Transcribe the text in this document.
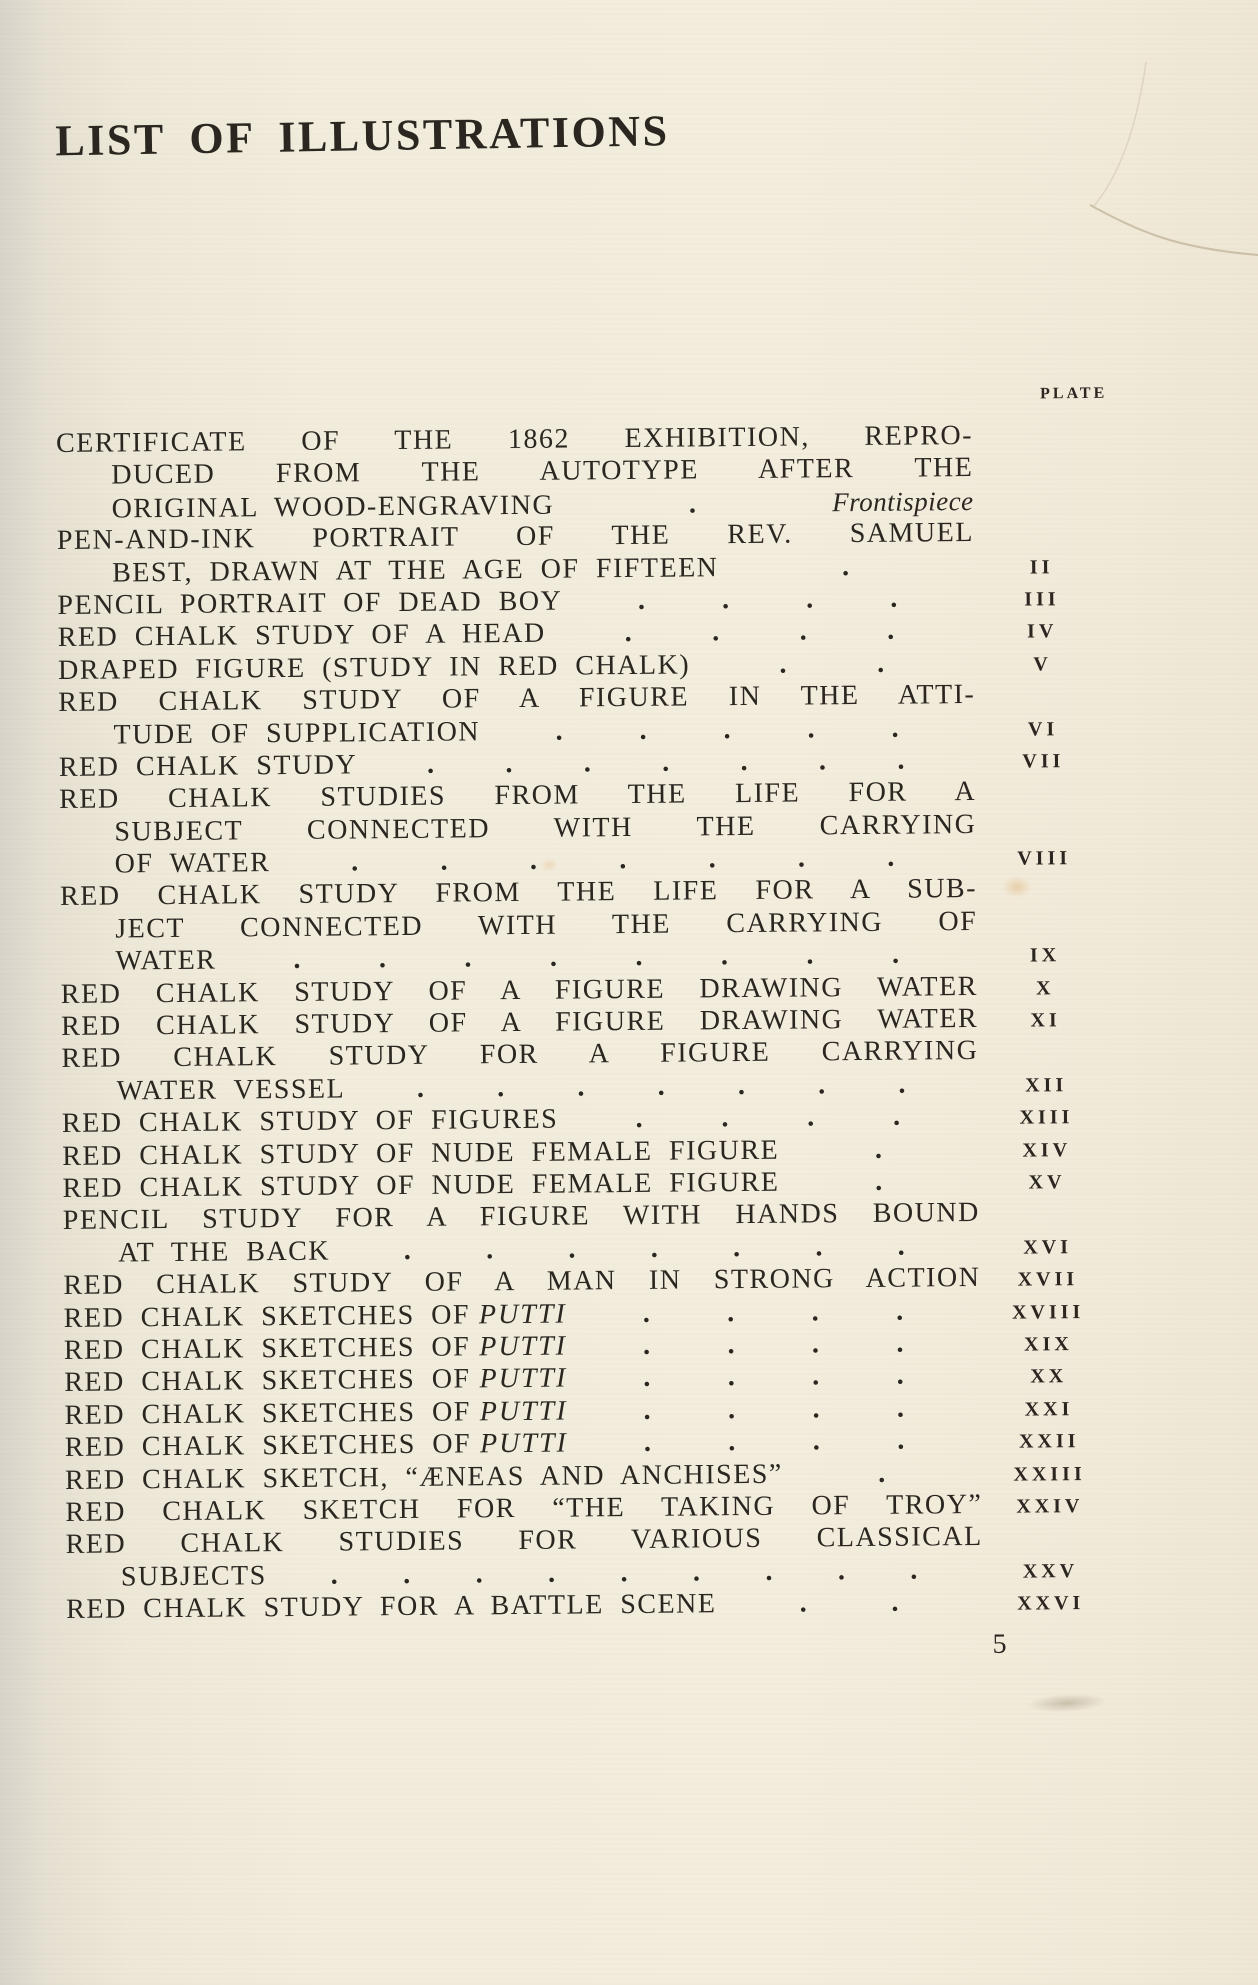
LIST OF ILLUSTRATIONS
PLATE
CERTIFICATE OF THE 1862 EXHIBITION, REPRO-
DUCED FROM THE AUTOTYPE AFTER THE
ORIGINAL WOOD-ENGRAVING	.	Frontispiece
PEN-AND-INK PORTRAIT OF THE REV. SAMUEL
BEST, DRAWN AT THE AGE OF FIFTEEN	.	II
PENCIL PORTRAIT OF DEAD BOY	.	.	.	.	III
RED CHALK STUDY OF A HEAD	.	.	.	.	IV
DRAPED FIGURE (STUDY IN RED CHALK)	.	.	V
RED CHALK STUDY OF A FIGURE IN THE ATTI-
TUDE OF SUPPLICATION	.	.	.	.	.	VI
RED CHALK STUDY . . . . . . .	VII
RED CHALK STUDIES FROM THE LIFE FOR A
SUBJECT CONNECTED WITH THE CARRYING
OF WATER	.	.	.	.	.	.	.	VIII
RED CHALK STUDY FROM THE LIFE FOR A SUB-
JECT CONNECTED WITH THE CARRYING OF
WATER	.	.	.	.	.	.	.	.	IX
RED CHALK STUDY OF A FIGURE DRAWING WATER	X
RED CHALK STUDY OF A FIGURE DRAWING WATER	XI
RED CHALK STUDY FOR A FIGURE CARRYING
WATER VESSEL	.	.	.	.	.	.	.	XII
RED CHALK STUDY OF FIGURES	.	.	.	.	XIII
RED CHALK STUDY OF NUDE FEMALE FIGURE	.	XIV
RED CHALK STUDY OF NUDE FEMALE FIGURE	.	XV
PENCIL STUDY FOR A FIGURE WITH HANDS BOUND
AT THE BACK	.	.	.	.	.	.	.	XVI
RED CHALK STUDY OF A MAN IN STRONG ACTION	XVII
RED CHALK SKETCHES OF PUTTI	.	.	.	.	XVIII
RED CHALK SKETCHES OF PUTTI	.	.	.	.	XIX
RED CHALK SKETCHES OF PUTTI	.	.	.	.	XX
RED CHALK SKETCHES OF PUTTI	.	.	.	.	XXI
RED CHALK SKETCHES OF PUTTI	.	.	.	.	XXII
RED CHALK SKETCH, “ÆNEAS AND ANCHISES”	.	XXIII
RED CHALK SKETCH FOR “THE TAKING OF TROY”	XXIV
RED CHALK STUDIES FOR VARIOUS CLASSICAL
SUBJECTS . . . . . . . . .	XXV
RED CHALK STUDY FOR A BATTLE SCENE	.	.	XXVI
5
